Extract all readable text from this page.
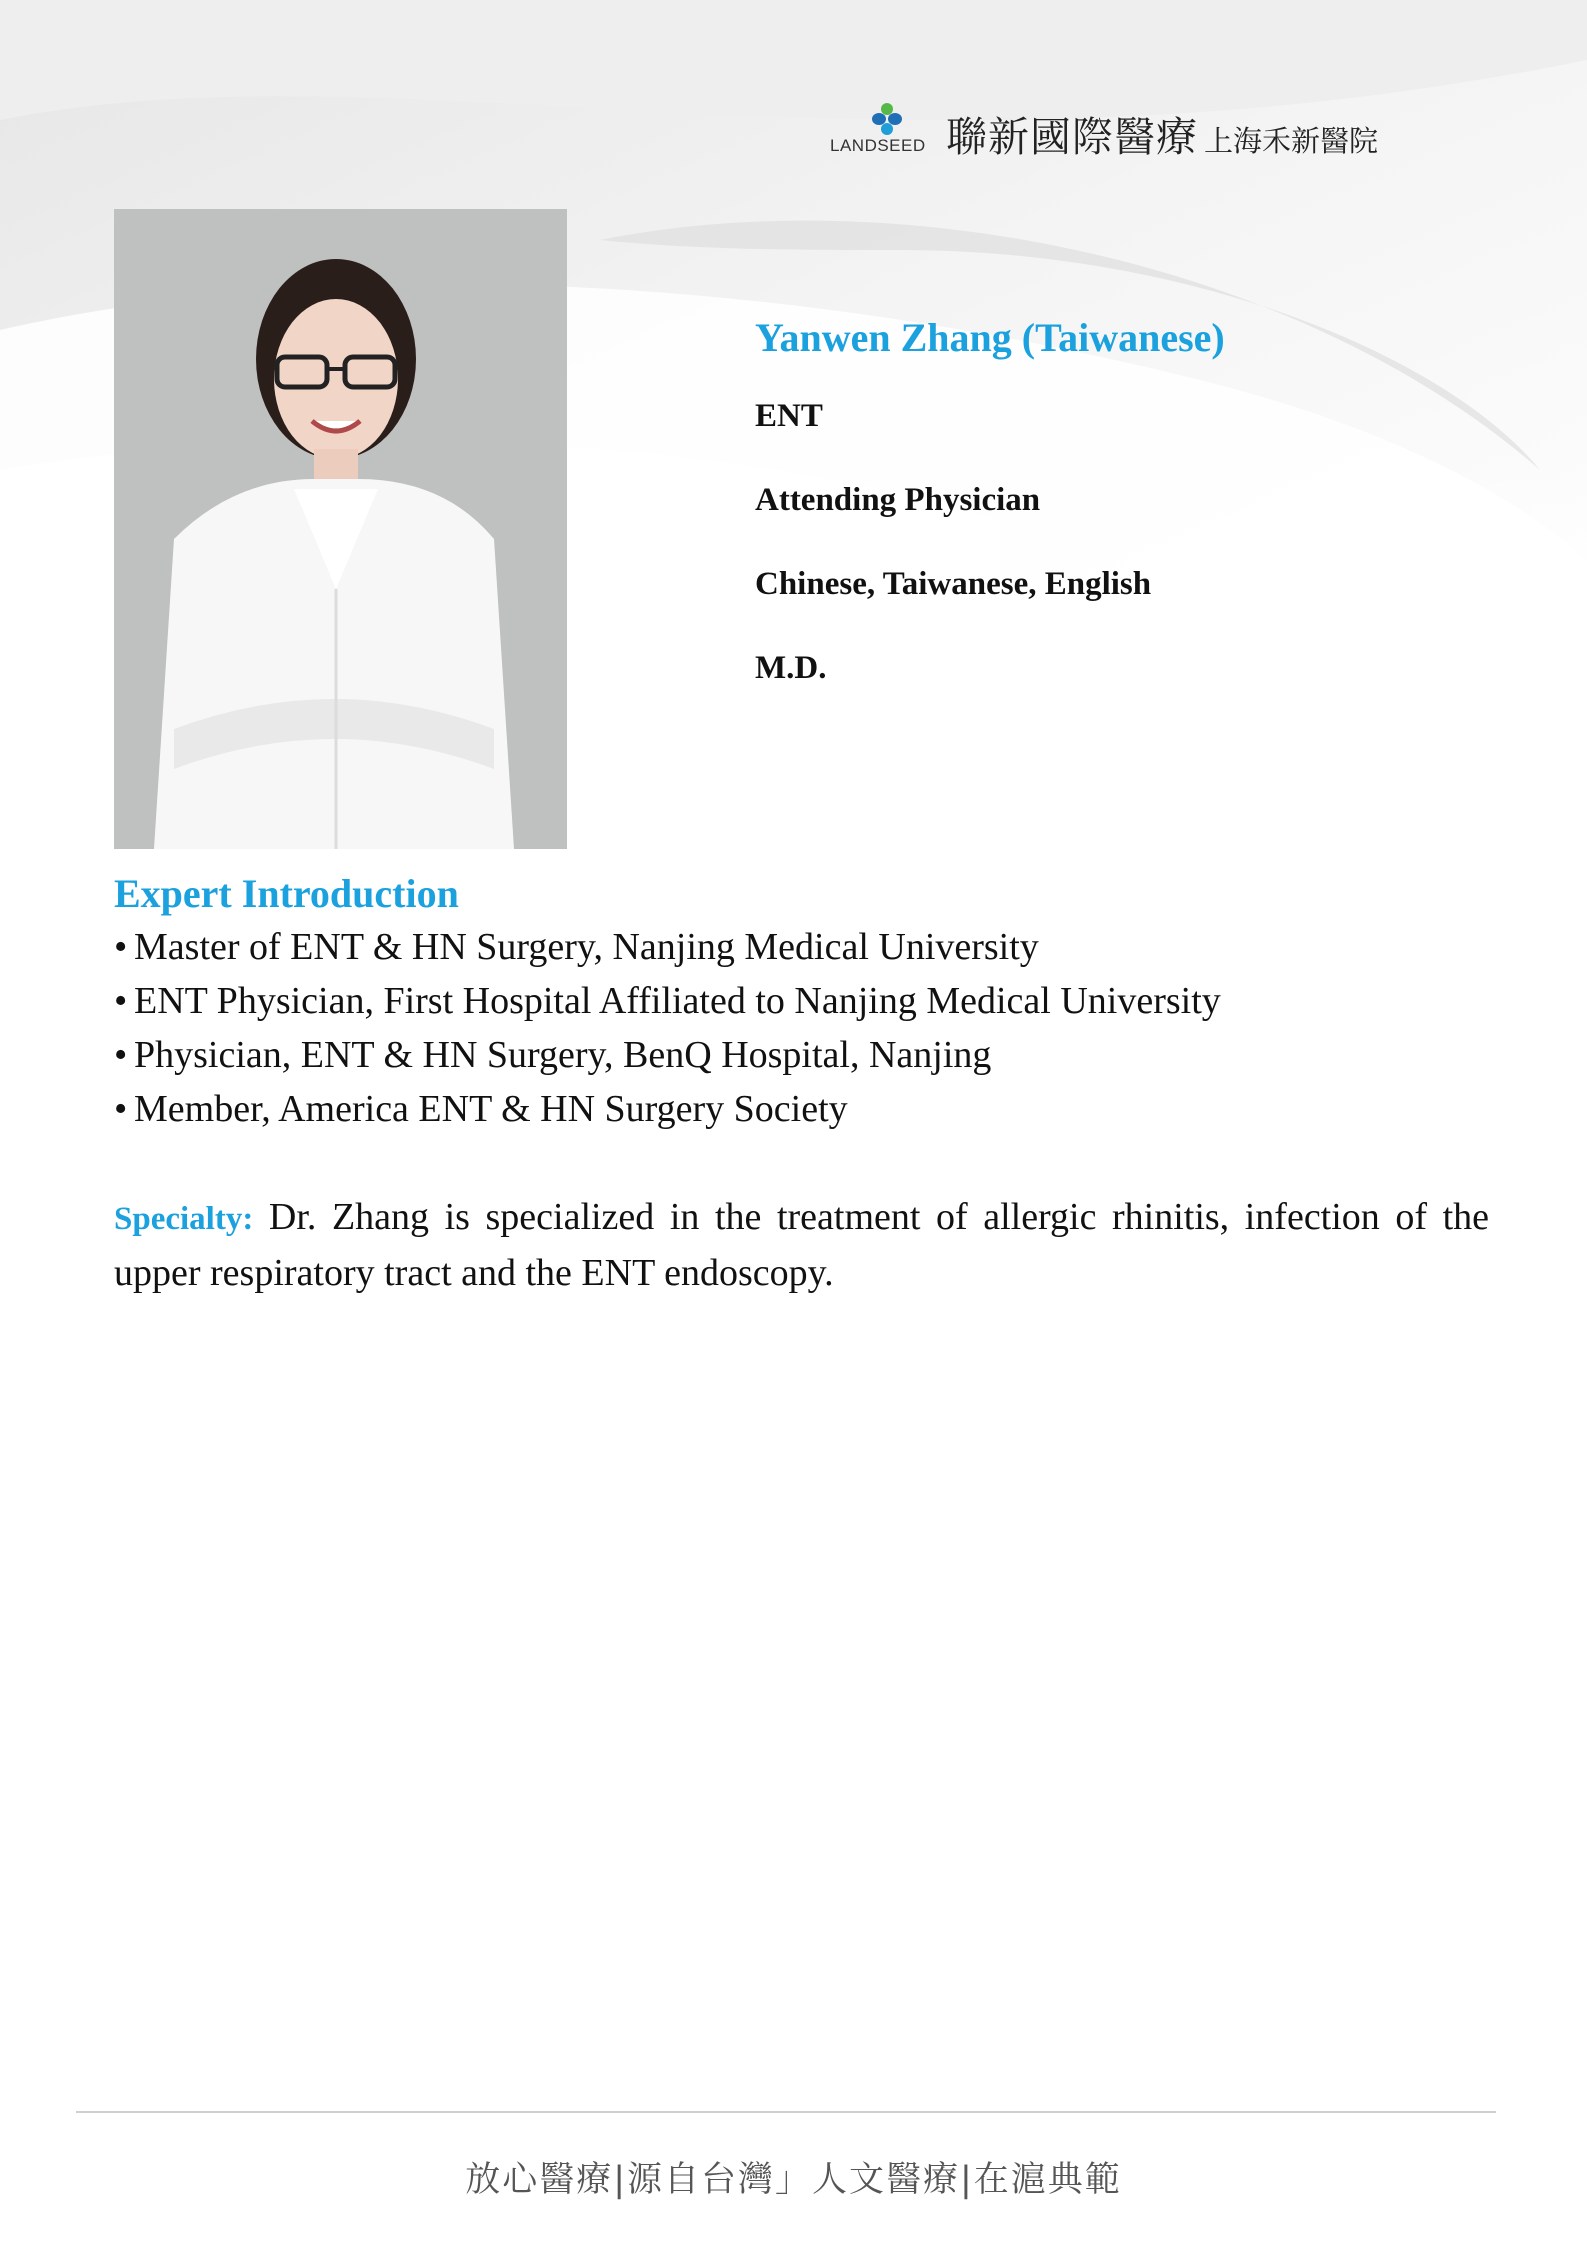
LANDSEED 聯新國際醫療 上海禾新醫院

Yanwen Zhang (Taiwanese)

ENT

Attending Physician

Chinese, Taiwanese, English

M.D.

Expert Introduction
• Master of ENT & HN Surgery, Nanjing Medical University
• ENT Physician, First Hospital Affiliated to Nanjing Medical University
• Physician, ENT & HN Surgery, BenQ Hospital, Nanjing
• Member, America ENT & HN Surgery Society
Specialty: Dr. Zhang is specialized in the treatment of allergic rhinitis, infection of the upper respiratory tract and the ENT endoscopy.
放心醫療|源自台灣」人文醫療|在滬典範
